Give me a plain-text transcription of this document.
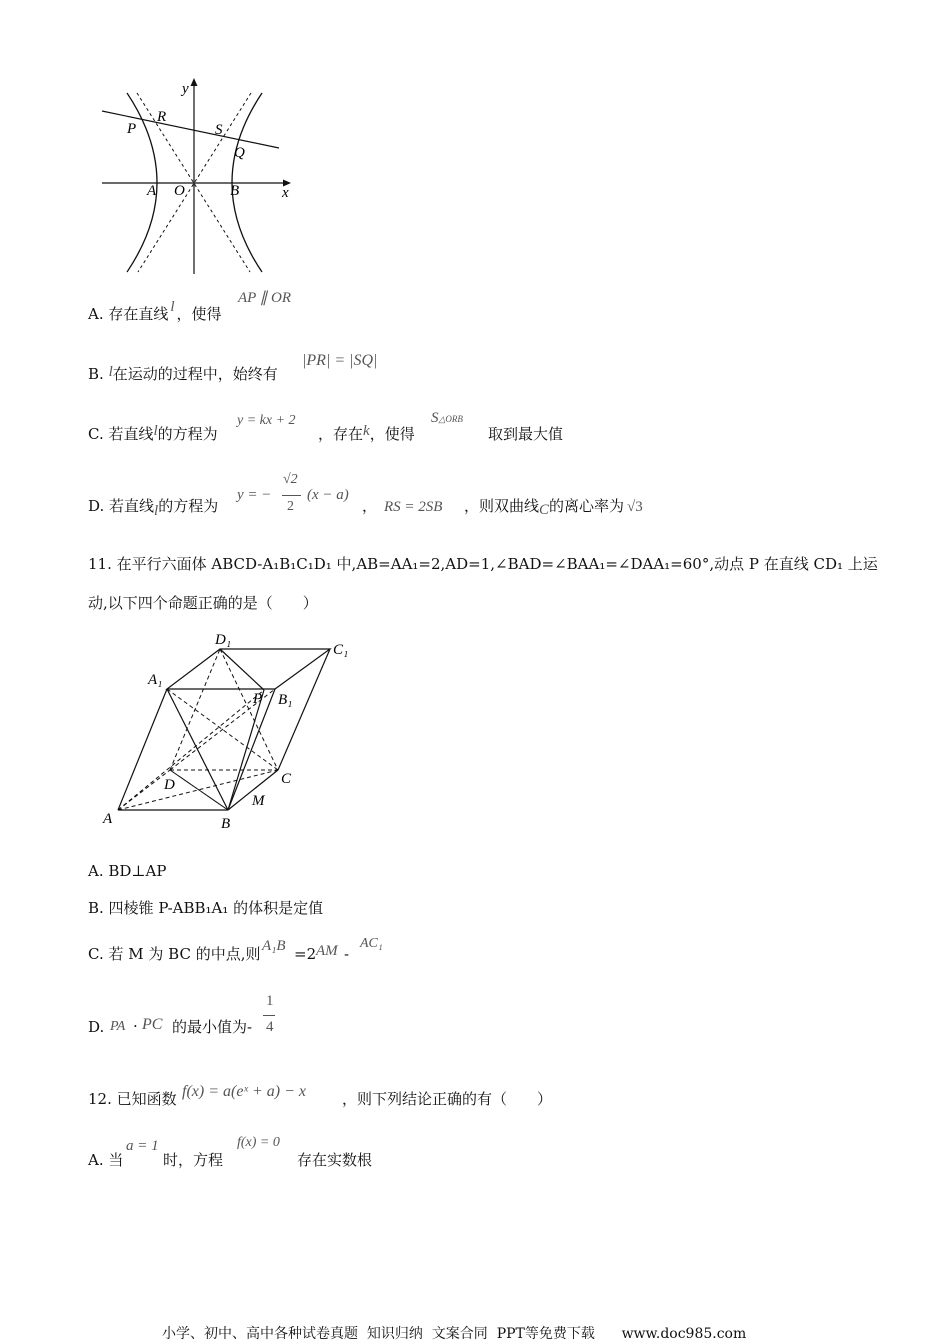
y
R
P	S
Q
A O	B	x
A. 存在直线 l ，使得
AP ∥ OR
B. l在运动的过程中，始终有
|PR| = |SQ|
C. 若直线l的方程为
y = kx + 2
，存在k，使得
S△ORB
取到最大值
D. 若直线l的方程为
y = −
√2
2
(x − a)
， RS = 2SB ，则双曲线C的离心率为 √3
11. 在平行六面体 ABCD-A₁B₁C₁D₁ 中,AB=AA₁=2,AD=1,∠BAD=∠BAA₁=∠DAA₁=60°,动点 P 在直线 CD₁ 上运
动,以下四个命题正确的是（　　）
D₁
C₁
A₁
P B₁
D	C
M
A	B
A. BD⊥AP
B. 四棱锥 P-ABB₁A₁ 的体积是定值
C. 若 M 为 BC 的中点,则 A₁B =2 AM -
AC₁
D. PA · PC 的最小值为-
1
4
12. 已知函数 f(x) = a(eˣ + a) − x ，则下列结论正确的有（　　）
A. 当
a = 1
时，方程
f(x) = 0
存在实数根
小学、初中、高中各种试卷真题  知识归纳  文案合同  PPT等免费下载      www.doc985.com
